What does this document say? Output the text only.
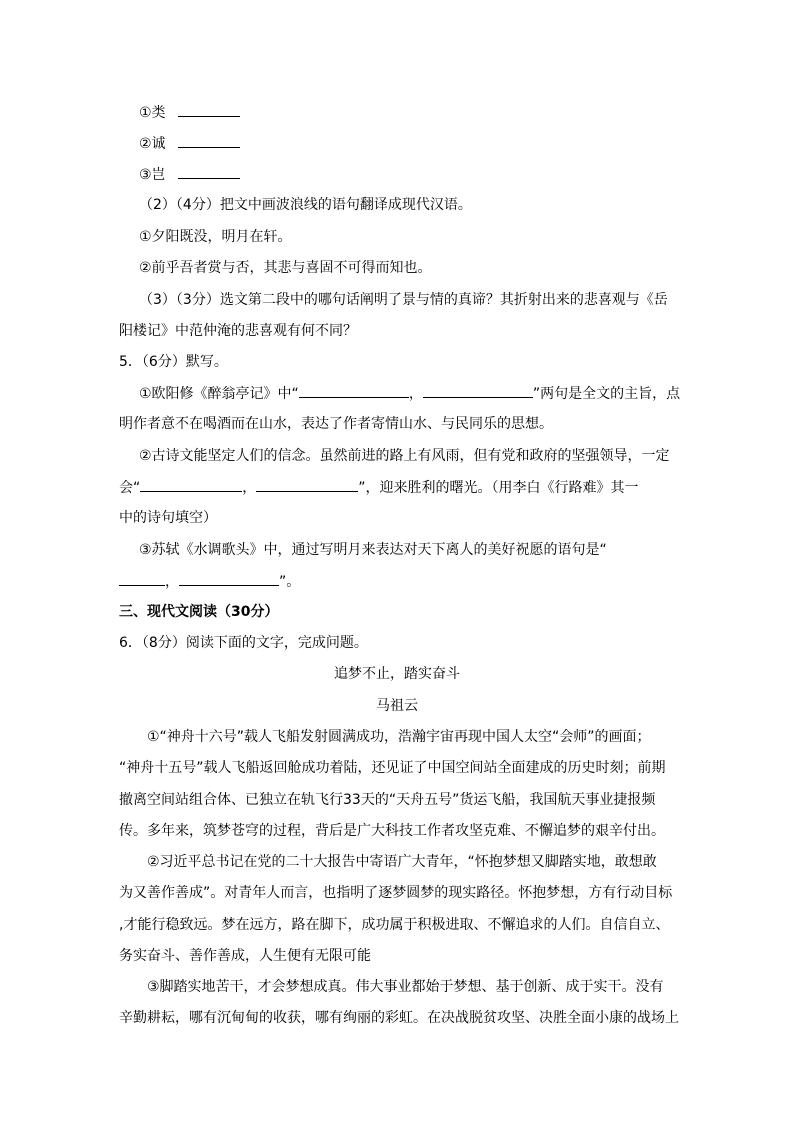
①类
②诚
③岂
（2）（4分）把文中画波浪线的语句翻译成现代汉语。
①夕阳既没，明月在轩。
②前乎吾者赏与否，其悲与喜固不可得而知也。
（3）（3分）选文第二段中的哪句话阐明了景与情的真谛？其折射出来的悲喜观与《岳
阳楼记》中范仲淹的悲喜观有何不同？
5．（6分）默写。
①欧阳修《醉翁亭记》中“	，	”两句是全文的主旨，点
明作者意不在喝酒而在山水，表达了作者寄情山水、与民同乐的思想。
②古诗文能坚定人们的信念。虽然前进的路上有风雨，但有党和政府的坚强领导，一定
会“	，	”，迎来胜利的曙光。（用李白《行路难》其一
中的诗句填空）
③苏轼《水调歌头》中，通过写明月来表达对天下离人的美好祝愿的语句是“
，	”。
三、现代文阅读（30分）
6．（8分）阅读下面的文字，完成问题。
追梦不止，踏实奋斗
马祖云
①“神舟十六号”载人飞船发射圆满成功，浩瀚宇宙再现中国人太空“会师”的画面；
“神舟十五号”载人飞船返回舱成功着陆，还见证了中国空间站全面建成的历史时刻；前期
撤离空间站组合体、已独立在轨飞行33天的“天舟五号”货运飞船，我国航天事业捷报频
传。多年来，筑梦苍穹的过程，背后是广大科技工作者攻坚克难、不懈追梦的艰辛付出。
②习近平总书记在党的二十大报告中寄语广大青年，“怀抱梦想又脚踏实地，敢想敢
为又善作善成”。对青年人而言，也指明了逐梦圆梦的现实路径。怀抱梦想，方有行动目标
,才能行稳致远。梦在远方，路在脚下，成功属于积极进取、不懈追求的人们。自信自立、
务实奋斗、善作善成，人生便有无限可能
③脚踏实地苦干，才会梦想成真。伟大事业都始于梦想、基于创新、成于实干。没有
辛勤耕耘，哪有沉甸甸的收获，哪有绚丽的彩虹。在决战脱贫攻坚、决胜全面小康的战场上
